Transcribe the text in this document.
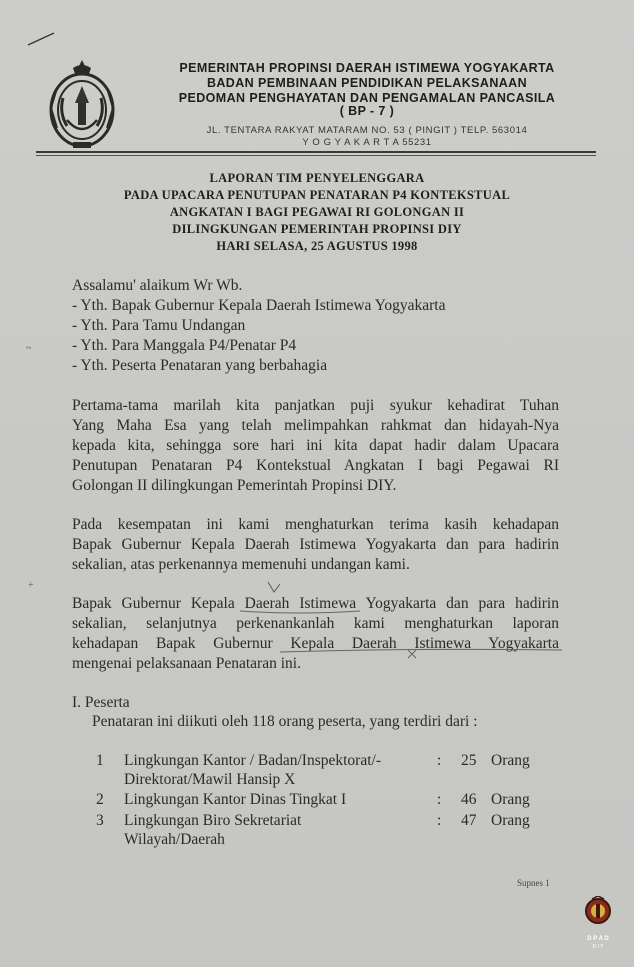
PEMERINTAH PROPINSI DAERAH ISTIMEWA YOGYAKARTA
BADAN PEMBINAAN PENDIDIKAN PELAKSANAAN
PEDOMAN PENGHAYATAN DAN PENGAMALAN PANCASILA
( BP - 7 )
JL. TENTARA RAKYAT MATARAM NO. 53 ( PINGIT ) TELP. 563014
Y O G Y A K A R T A 55231
LAPORAN TIM PENYELENGGARA
PADA UPACARA PENUTUPAN PENATARAN P4 KONTEKSTUAL
ANGKATAN I BAGI PEGAWAI RI GOLONGAN II
DILINGKUNGAN PEMERINTAH PROPINSI DIY
HARI SELASA, 25 AGUSTUS 1998
Assalamu' alaikum Wr Wb.
- Yth. Bapak Gubernur Kepala Daerah Istimewa Yogyakarta
- Yth. Para Tamu Undangan
- Yth. Para Manggala P4/Penatar P4
- Yth. Peserta Penataran yang berbahagia
~
+
Pertama-tama marilah kita panjatkan puji syukur kehadirat Tuhan
Yang Maha Esa yang telah melimpahkan rahkmat dan hidayah-Nya
kepada kita, sehingga sore hari ini kita dapat hadir dalam Upacara
Penutupan Penataran P4 Kontekstual Angkatan I bagi Pegawai RI
Golongan II dilingkungan Pemerintah Propinsi DIY.
Pada kesempatan ini kami menghaturkan terima kasih kehadapan
Bapak Gubernur Kepala Daerah Istimewa Yogyakarta dan para hadirin
sekalian, atas perkenannya memenuhi undangan kami.
Bapak Gubernur Kepala Daerah Istimewa Yogyakarta dan para hadirin
sekalian, selanjutnya perkenankanlah kami menghaturkan laporan
kehadapan Bapak Gubernur Kepala Daerah Istimewa Yogyakarta
mengenai pelaksanaan Penataran ini.
I. Peserta
Penataran ini diikuti oleh 118 orang peserta, yang terdiri dari :
1 Lingkungan Kantor / Badan/Inspektorat/-
Direktorat/Mawil Hansip X
: 25 Orang
2 Lingkungan Kantor Dinas Tingkat I	: 46 Orang
3 Lingkungan Biro Sekretariat
Wilayah/Daerah
: 47 Orang
Supnes 1
D P A D
D I Y
